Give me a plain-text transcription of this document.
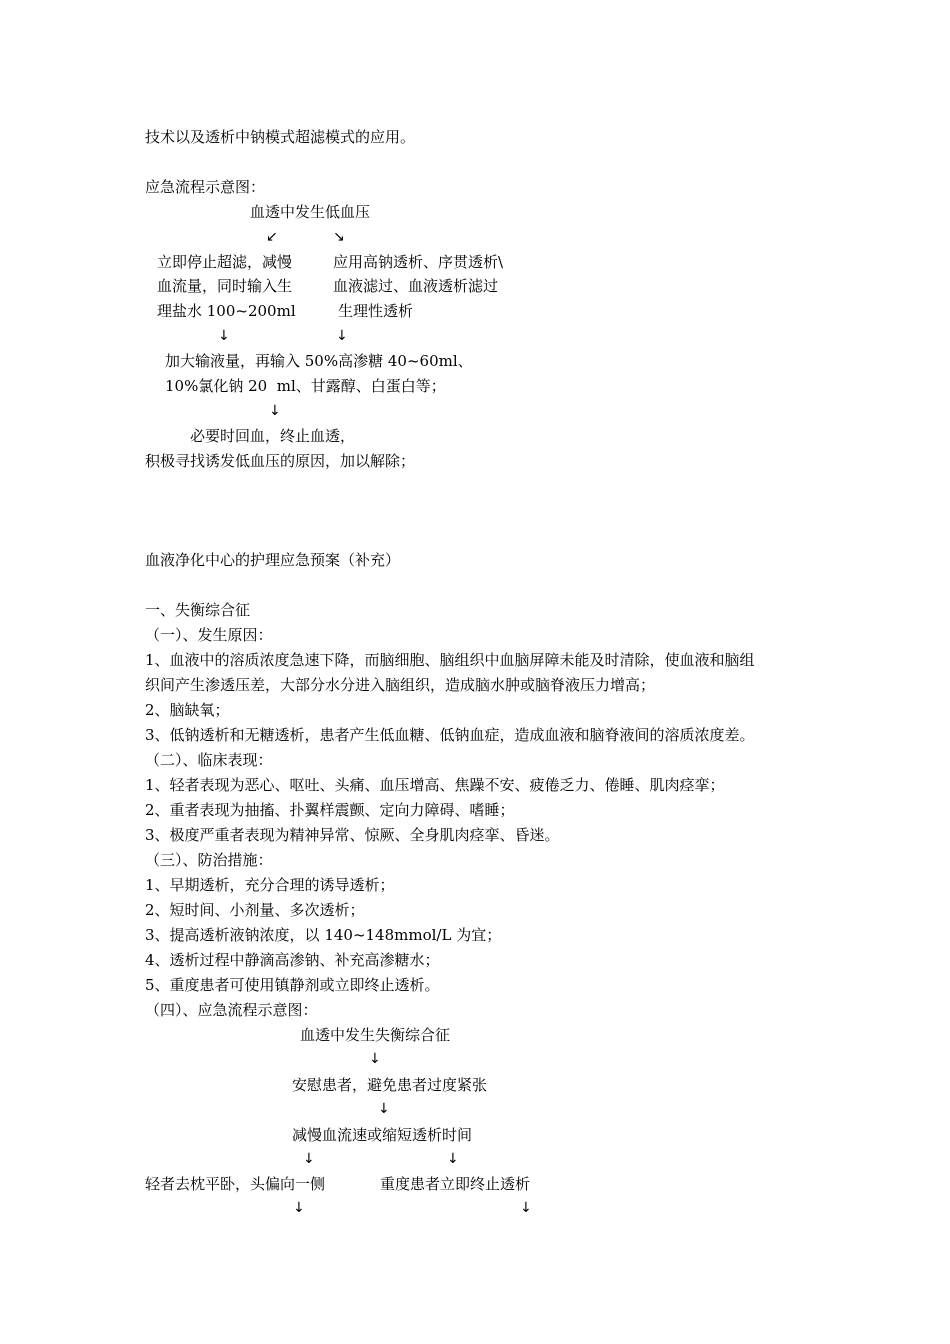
技术以及透析中钠模式超滤模式的应用。
应急流程示意图：
血透中发生低血压
↙	↘
立即停止超滤，减慢
血流量，同时输入生
理盐水 100~200ml
应用高钠透析、序贯透析\
血液滤过、血液透析滤过
生理性透析
↓	↓
加大输液量，再输入 50%高渗糖 40~60ml、
10%氯化钠 20  ml、甘露醇、白蛋白等；
↓
必要时回血，终止血透，
积极寻找诱发低血压的原因，加以解除；
血液净化中心的护理应急预案（补充）
一、失衡综合征
（一）、发生原因：
1、血液中的溶质浓度急速下降，而脑细胞、脑组织中血脑屏障未能及时清除，使血液和脑组
织间产生渗透压差，大部分水分进入脑组织，造成脑水肿或脑脊液压力增高；
2、脑缺氧；
3、低钠透析和无糖透析，患者产生低血糖、低钠血症，造成血液和脑脊液间的溶质浓度差。
（二）、临床表现：
1、轻者表现为恶心、呕吐、头痛、血压增高、焦躁不安、疲倦乏力、倦睡、肌肉痉挛；
2、重者表现为抽搐、扑翼样震颤、定向力障碍、嗜睡；
3、极度严重者表现为精神异常、惊厥、全身肌肉痉挛、昏迷。
（三）、防治措施：
1、早期透析，充分合理的诱导透析；
2、短时间、小剂量、多次透析；
3、提高透析液钠浓度，以 140~148mmol/L 为宜；
4、透析过程中静滴高渗钠、补充高渗糖水；
5、重度患者可使用镇静剂或立即终止透析。
（四）、应急流程示意图：
血透中发生失衡综合征
↓
安慰患者，避免患者过度紧张
↓
减慢血流速或缩短透析时间
↓	↓
轻者去枕平卧，头偏向一侧	重度患者立即终止透析
↓	↓
